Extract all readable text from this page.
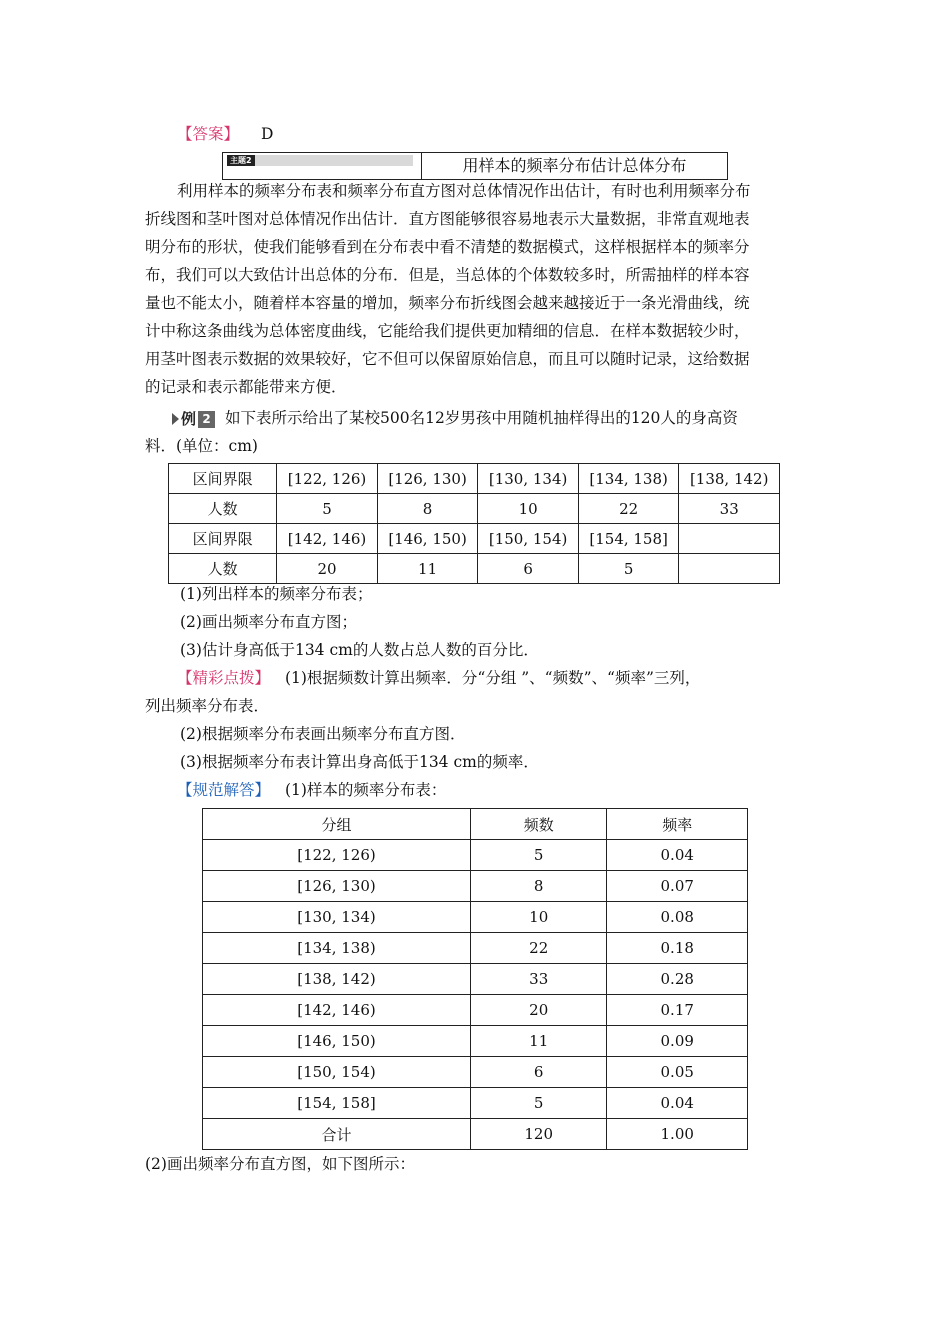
【答案】 D
主题2	用样本的频率分布估计总体分布
利用样本的频率分布表和频率分布直方图对总体情况作出估计，有时也利用频率分布
折线图和茎叶图对总体情况作出估计．直方图能够很容易地表示大量数据，非常直观地表
明分布的形状，使我们能够看到在分布表中看不清楚的数据模式，这样根据样本的频率分
布，我们可以大致估计出总体的分布．但是，当总体的个体数较多时，所需抽样的样本容
量也不能太小，随着样本容量的增加，频率分布折线图会越来越接近于一条光滑曲线，统
计中称这条曲线为总体密度曲线，它能给我们提供更加精细的信息．在样本数据较少时，
用茎叶图表示数据的效果较好，它不但可以保留原始信息，而且可以随时记录，这给数据
的记录和表示都能带来方便．
例 2 如下表所示给出了某校500名12岁男孩中用随机抽样得出的120人的身高资
料．(单位：cm)
区间界限	[122, 126)	[126, 130)	[130, 134)	[134, 138)	[138, 142)
人数	5	8	10	22	33
区间界限	[142, 146)	[146, 150)	[150, 154)	[154, 158]	
人数	20	11	6	5	
(1)列出样本的频率分布表；
(2)画出频率分布直方图；
(3)估计身高低于134 cm的人数占总人数的百分比．
【精彩点拨】 (1)根据频数计算出频率．分“分组 ”、“频数”、“频率”三列，
列出频率分布表．
(2)根据频率分布表画出频率分布直方图．
(3)根据频率分布表计算出身高低于134 cm的频率．
【规范解答】 (1)样本的频率分布表：
分组	频数	频率
[122, 126)	5	0.04
[126, 130)	8	0.07
[130, 134)	10	0.08
[134, 138)	22	0.18
[138, 142)	33	0.28
[142, 146)	20	0.17
[146, 150)	11	0.09
[150, 154)	6	0.05
[154, 158]	5	0.04
合计	120	1.00
(2)画出频率分布直方图，如下图所示：
